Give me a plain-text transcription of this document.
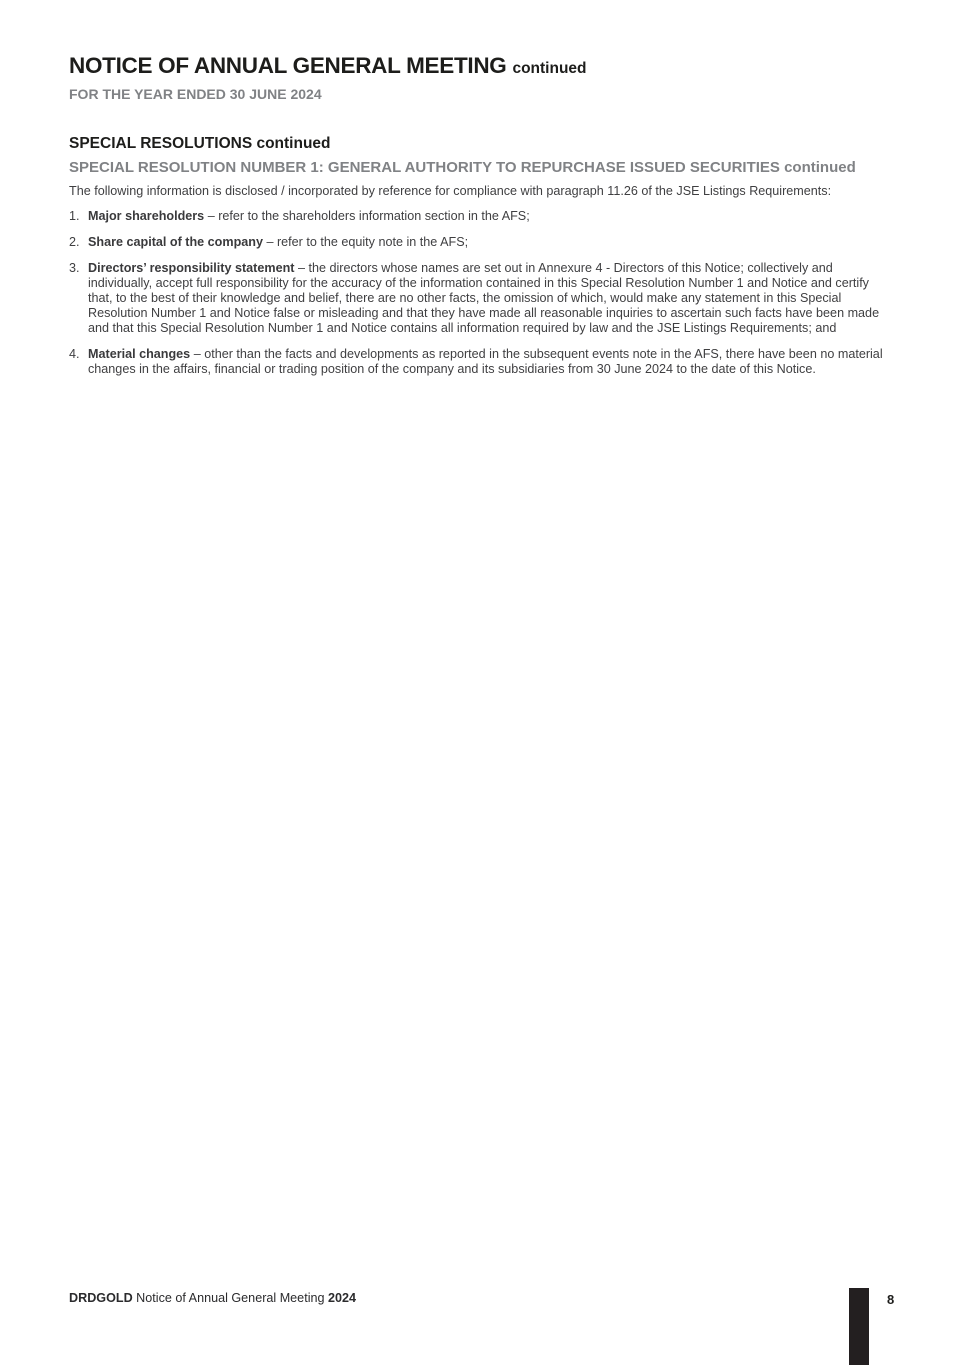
NOTICE OF ANNUAL GENERAL MEETING continued
FOR THE YEAR ENDED 30 JUNE 2024
SPECIAL RESOLUTIONS continued
SPECIAL RESOLUTION NUMBER 1: GENERAL AUTHORITY TO REPURCHASE ISSUED SECURITIES continued

The following information is disclosed / incorporated by reference for compliance with paragraph 11.26 of the JSE Listings Requirements:

1. Major shareholders – refer to the shareholders information section in the AFS;
2. Share capital of the company – refer to the equity note in the AFS;
3. Directors’ responsibility statement – the directors whose names are set out in Annexure 4 - Directors of this Notice; collectively and individually, accept full responsibility for the accuracy of the information contained in this Special Resolution Number 1 and Notice and certify that, to the best of their knowledge and belief, there are no other facts, the omission of which, would make any statement in this Special Resolution Number 1 and Notice false or misleading and that they have made all reasonable inquiries to ascertain such facts have been made and that this Special Resolution Number 1 and Notice contains all information required by law and the JSE Listings Requirements; and
4. Material changes – other than the facts and developments as reported in the subsequent events note in the AFS, there have been no material changes in the affairs, financial or trading position of the company and its subsidiaries from 30 June 2024 to the date of this Notice.
DRDGOLD Notice of Annual General Meeting 2024	8
